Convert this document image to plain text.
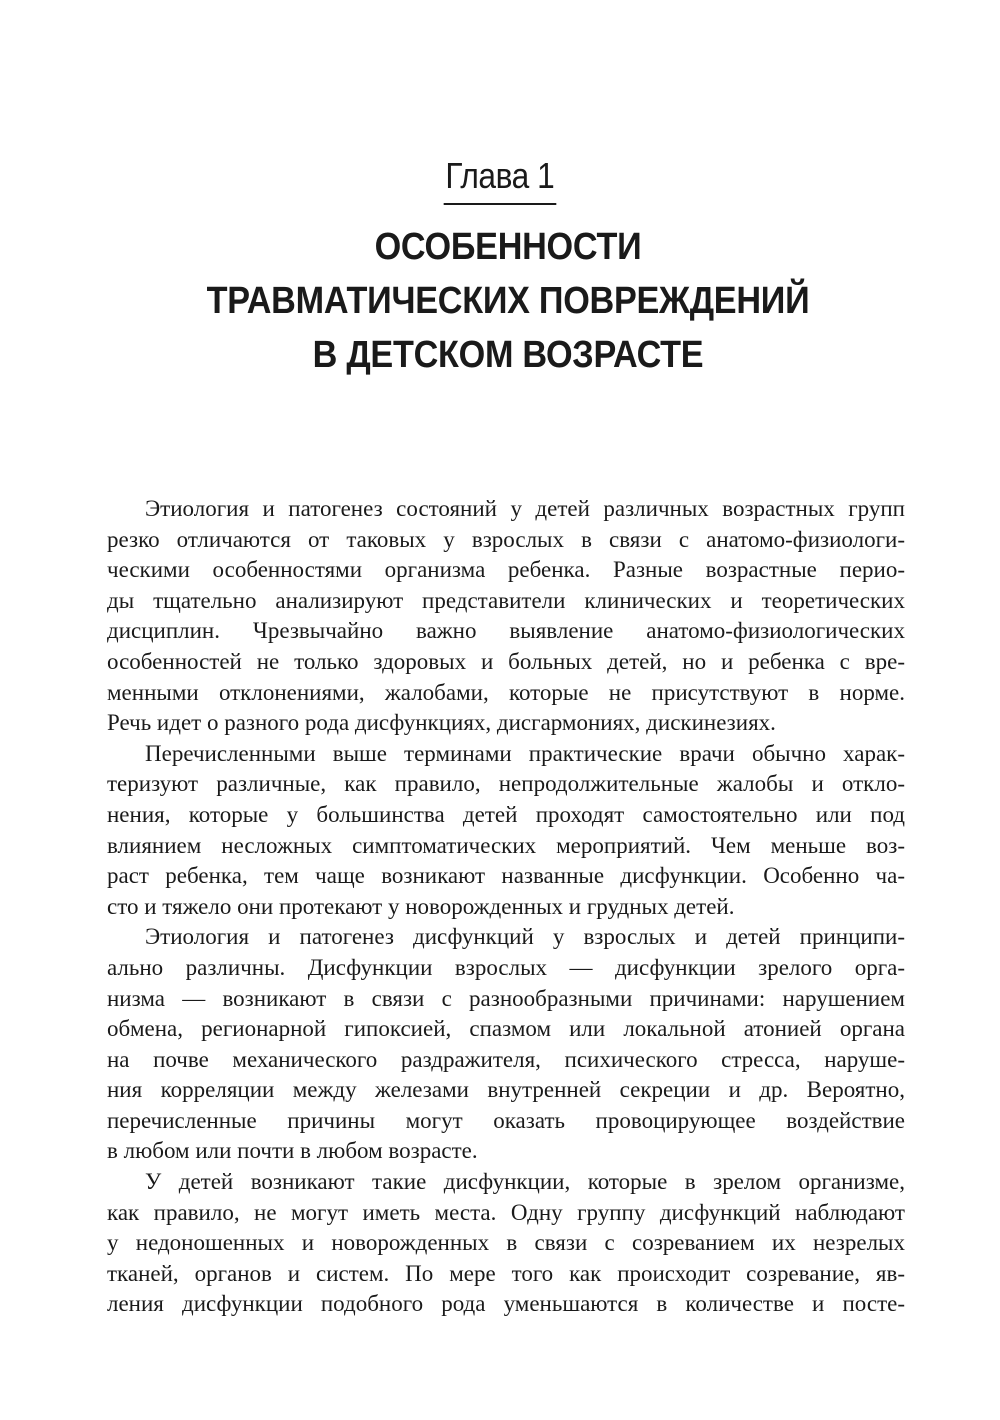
Глава 1
ОСОБЕННОСТИ
ТРАВМАТИЧЕСКИХ ПОВРЕЖДЕНИЙ
В ДЕТСКОМ ВОЗРАСТЕ
Этиология и патогенез состояний у детей различных возрастных групп
резко отличаются от таковых у взрослых в связи с анатомо-физиологи-
ческими особенностями организма ребенка. Разные возрастные перио-
ды тщательно анализируют представители клинических и теоретических
дисциплин. Чрезвычайно важно выявление анатомо-физиологических
особенностей не только здоровых и больных детей, но и ребенка с вре-
менными отклонениями, жалобами, которые не присутствуют в норме.
Речь идет о разного рода дисфункциях, дисгармониях, дискинезиях.
Перечисленными выше терминами практические врачи обычно харак-
теризуют различные, как правило, непродолжительные жалобы и откло-
нения, которые у большинства детей проходят самостоятельно или под
влиянием несложных симптоматических мероприятий. Чем меньше воз-
раст ребенка, тем чаще возникают названные дисфункции. Особенно ча-
сто и тяжело они протекают у новорожденных и грудных детей.
Этиология и патогенез дисфункций у взрослых и детей принципи-
ально различны. Дисфункции взрослых — дисфункции зрелого орга-
низма — возникают в связи с разнообразными причинами: нарушением
обмена, регионарной гипоксией, спазмом или локальной атонией органа
на почве механического раздражителя, психического стресса, наруше-
ния корреляции между железами внутренней секреции и др. Вероятно,
перечисленные причины могут оказать провоцирующее воздействие
в любом или почти в любом возрасте.
У детей возникают такие дисфункции, которые в зрелом организме,
как правило, не могут иметь места. Одну группу дисфункций наблюдают
у недоношенных и новорожденных в связи с созреванием их незрелых
тканей, органов и систем. По мере того как происходит созревание, яв-
ления дисфункции подобного рода уменьшаются в количестве и посте-
